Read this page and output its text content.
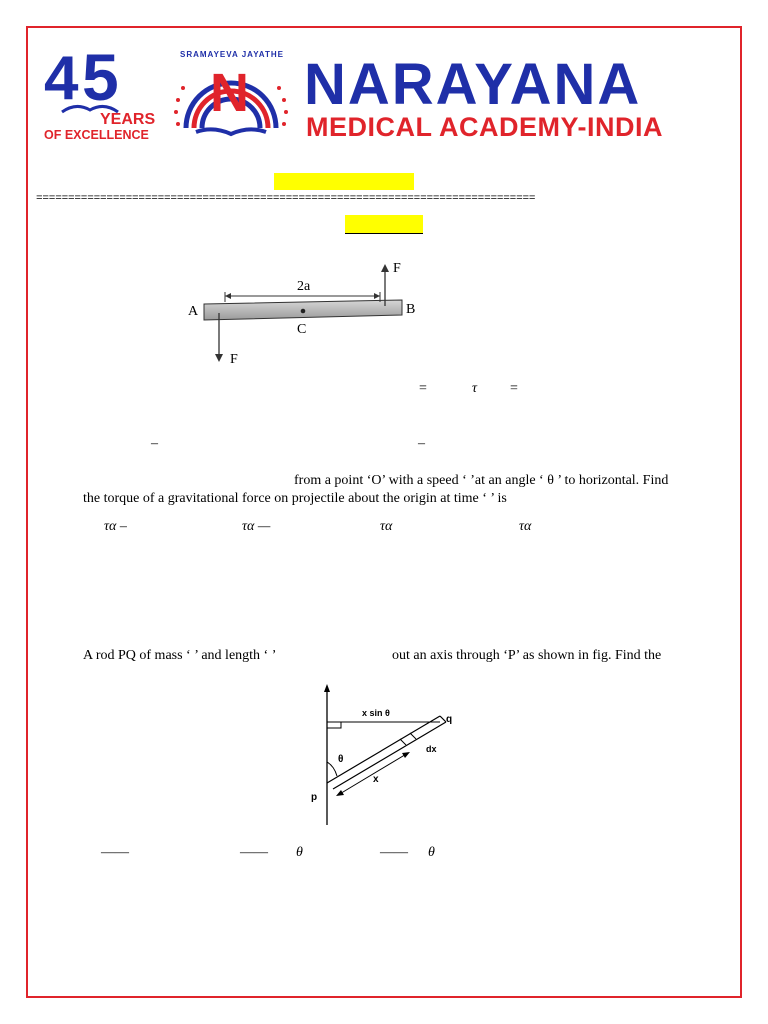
4 5
YEARS
OF EXCELLENCE
SRAMAYEVA JAYATHE
N NARAYANA
MEDICAL ACADEMY-INDIA
==============================================================================
F
2a
A	B
C
F
=	τ =
–	–
from a point ‘O’ with a speed ‘ ’at an angle ‘ θ ’ to horizontal. Find
the torque of a gravitational force on projectile about the origin at time ‘ ’ is
τα –	τα —	τα	τα
A rod PQ of mass ‘ ’ and length ‘ ’	out an axis through ‘P’ as shown in fig. Find the
x sin θ
q
dx
θ
x
p
——	—— θ	—— θ
